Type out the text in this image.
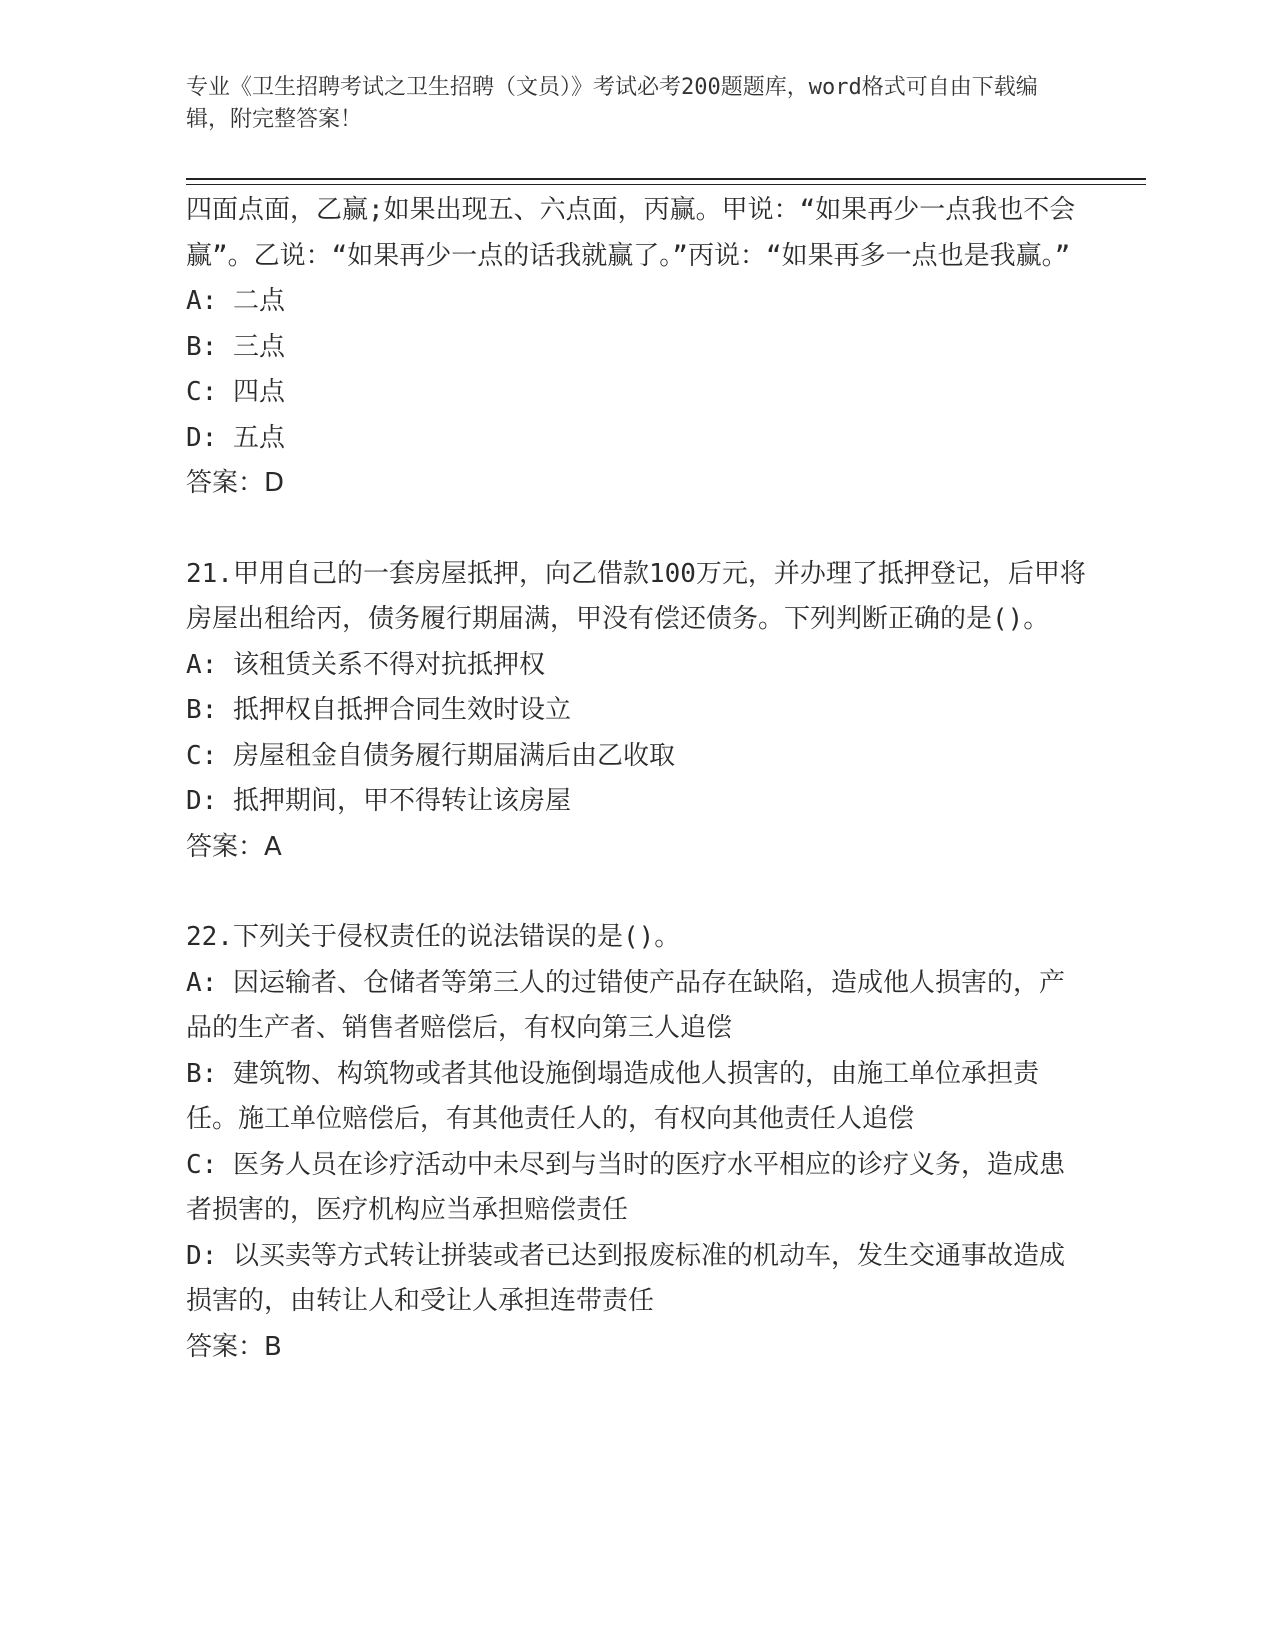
专业《卫生招聘考试之卫生招聘（文员）》考试必考200题题库，word格式可自由下载编辑，附完整答案！

四面点面，乙赢;如果出现五、六点面，丙赢。甲说：“如果再少一点我也不会赢”。乙说：“如果再少一点的话我就赢了。”丙说：“如果再多一点也是我赢。”

A: 二点

B: 三点

C: 四点

D: 五点

答案：D

21.甲用自己的一套房屋抵押，向乙借款100万元，并办理了抵押登记，后甲将房屋出租给丙，债务履行期届满，甲没有偿还债务。下列判断正确的是()。

A: 该租赁关系不得对抗抵押权

B: 抵押权自抵押合同生效时设立

C: 房屋租金自债务履行期届满后由乙收取

D: 抵押期间，甲不得转让该房屋

答案：A

22.下列关于侵权责任的说法错误的是()。

A: 因运输者、仓储者等第三人的过错使产品存在缺陷，造成他人损害的，产品的生产者、销售者赔偿后，有权向第三人追偿

B: 建筑物、构筑物或者其他设施倒塌造成他人损害的，由施工单位承担责任。施工单位赔偿后，有其他责任人的，有权向其他责任人追偿

C: 医务人员在诊疗活动中未尽到与当时的医疗水平相应的诊疗义务，造成患者损害的，医疗机构应当承担赔偿责任

D: 以买卖等方式转让拼装或者已达到报废标准的机动车，发生交通事故造成损害的，由转让人和受让人承担连带责任

答案：B
